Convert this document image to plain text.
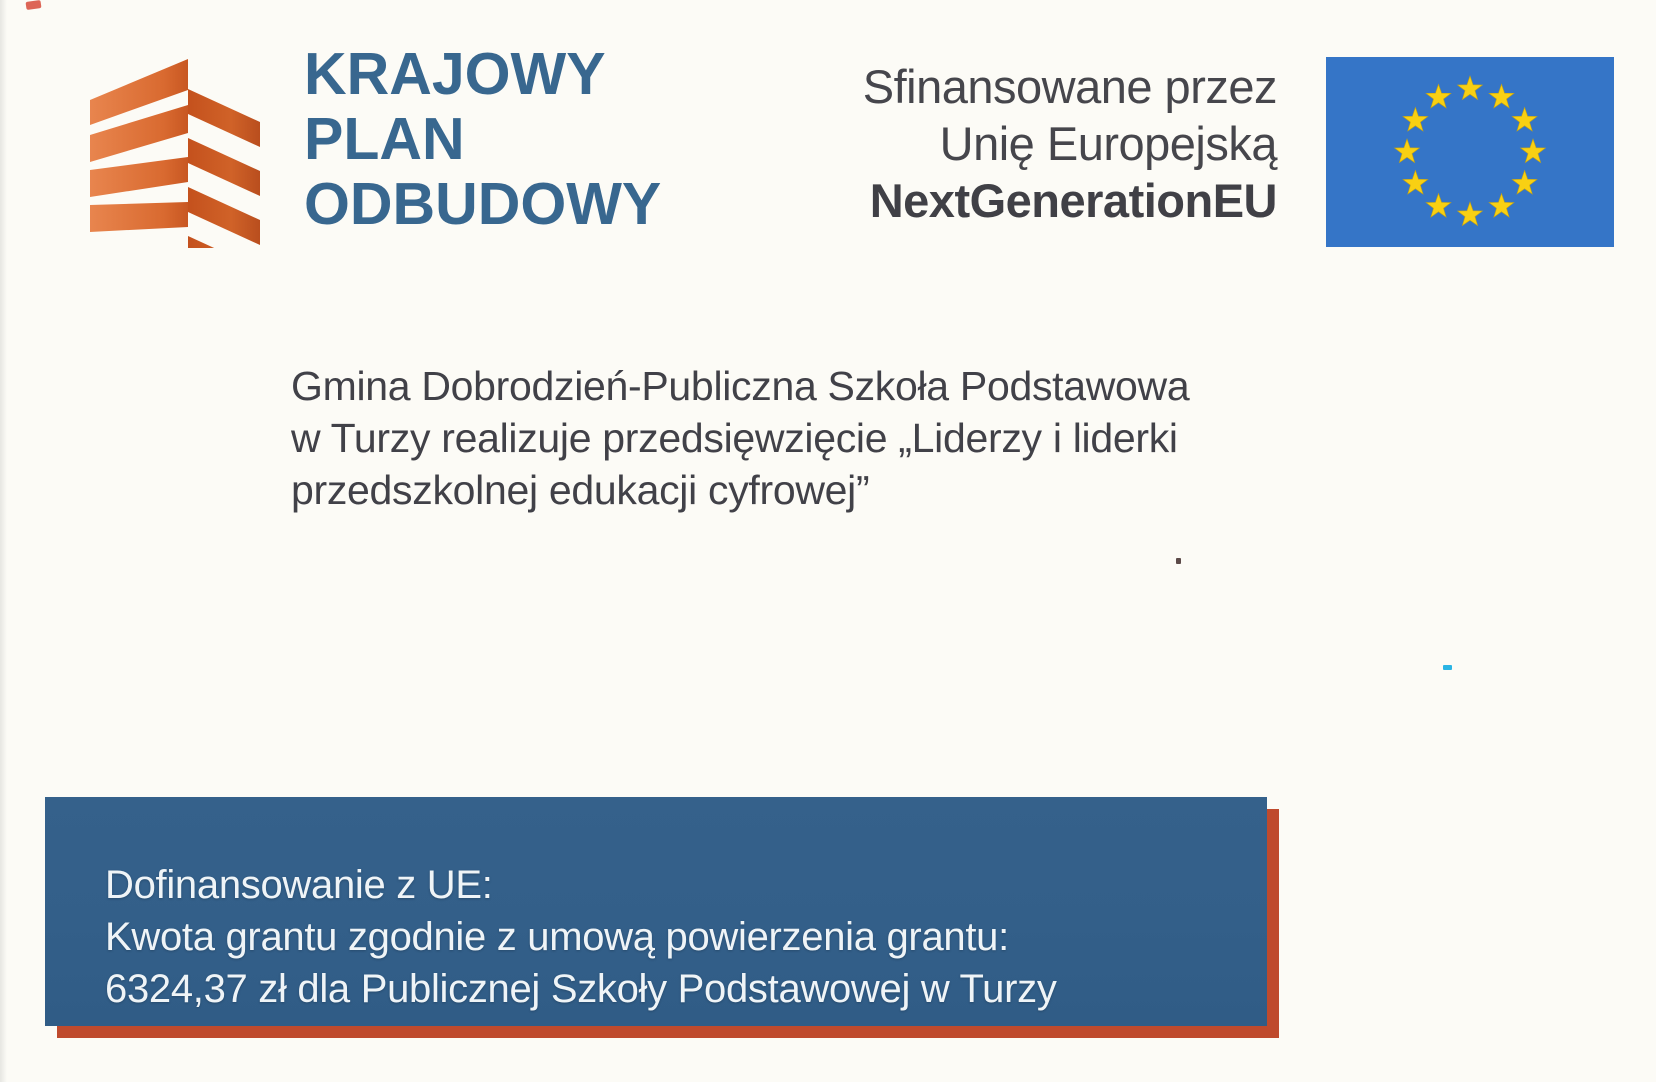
KRAJOWY
PLAN
ODBUDOWY
Sfinansowane przez
Unię Europejską
NextGenerationEU
Gmina Dobrodzień-Publiczna Szkoła Podstawowa
w Turzy realizuje przedsięwzięcie „Liderzy i liderki
przedszkolnej edukacji cyfrowej”
Dofinansowanie z UE:
Kwota grantu zgodnie z umową powierzenia grantu:
6324,37 zł dla Publicznej Szkoły Podstawowej w Turzy
